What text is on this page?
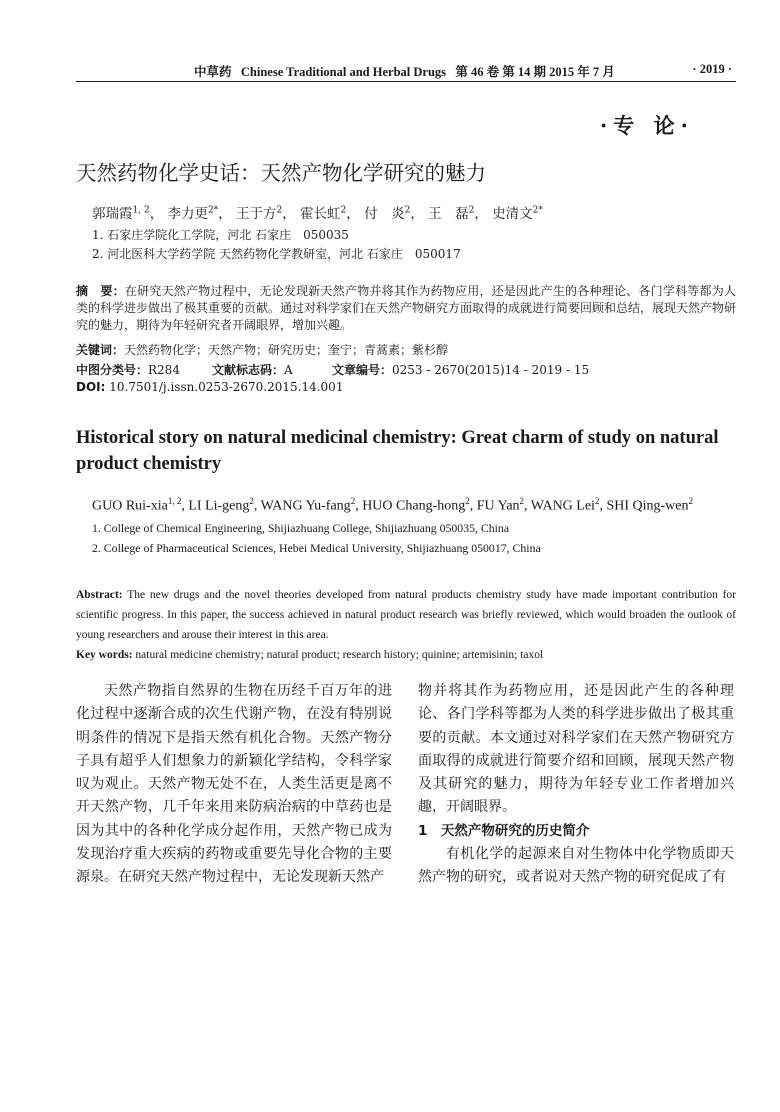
中草药 Chinese Traditional and Herbal Drugs 第 46 卷 第 14 期 2015 年 7 月	· 2019 ·
·专 论·
天然药物化学史话：天然产物化学研究的魅力
郭瑞霞$^{1, 2}$， 李力更$^{2*}$， 王于方$^2$， 霍长虹$^2$， 付　炎$^2$， 王　磊$^2$， 史清文$^{2*}$
1. 石家庄学院化工学院，河北 石家庄　050035
2. 河北医科大学药学院 天然药物化学教研室，河北 石家庄　050017
摘　要：在研究天然产物过程中，无论发现新天然产物并将其作为药物应用，还是因此产生的各种理论、各门学科等都为人类的科学进步做出了极其重要的贡献。通过对科学家们在天然产物研究方面取得的成就进行简要回顾和总结，展现天然产物研究的魅力，期待为年轻研究者开阔眼界，增加兴趣。
关键词：天然药物化学；天然产物；研究历史；奎宁；青蒿素；紫杉醇
中图分类号：R284	文献标志码：A	文章编号：0253 - 2670(2015)14 - 2019 - 15
DOI: 10.7501/j.issn.0253-2670.2015.14.001
Historical story on natural medicinal chemistry: Great charm of study on natural product chemistry
GUO Rui-xia$^{1, 2}$, LI Li-geng$^2$, WANG Yu-fang$^2$, HUO Chang-hong$^2$, FU Yan$^2$, WANG Lei$^2$, SHI Qing-wen$^2$
1. College of Chemical Engineering, Shijiazhuang College, Shijiazhuang 050035, China
2. College of Pharmaceutical Sciences, Hebei Medical University, Shijiazhuang 050017, China
Abstract: The new drugs and the novel theories developed from natural products chemistry study have made important contribution for scientific progress. In this paper, the success achieved in natural product research was briefly reviewed, which would broaden the outlook of young researchers and arouse their interest in this area.
Key words: natural medicine chemistry; natural product; research history; quinine; artemisinin; taxol

天然产物指自然界的生物在历经千百万年的进化过程中逐渐合成的次生代谢产物，在没有特别说明条件的情况下是指天然有机化合物。天然产物分子具有超乎人们想象力的新颖化学结构，令科学家叹为观止。天然产物无处不在，人类生活更是离不开天然产物，几千年来用来防病治病的中草药也是因为其中的各种化学成分起作用，天然产物已成为发现治疗重大疾病的药物或重要先导化合物的主要源泉。在研究天然产物过程中，无论发现新天然产

物并将其作为药物应用，还是因此产生的各种理论、各门学科等都为人类的科学进步做出了极其重要的贡献。本文通过对科学家们在天然产物研究方面取得的成就进行简要介绍和回顾，展现天然产物及其研究的魅力，期待为年轻专业工作者增加兴趣，开阔眼界。

1　天然产物研究的历史简介

有机化学的起源来自对生物体中化学物质即天然产物的研究，或者说对天然产物的研究促成了有
